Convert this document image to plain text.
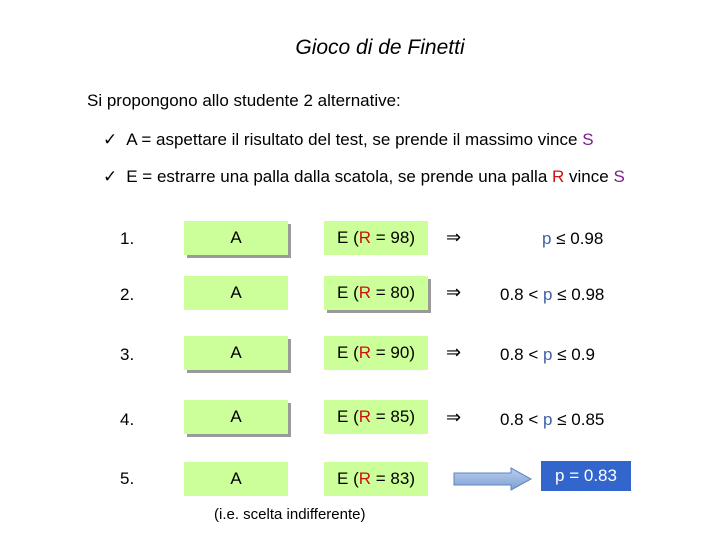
Gioco di de Finetti
Si propongono allo studente 2 alternative:
✓ A = aspettare il risultato del test, se prende il massimo vince S
✓ E = estrarre una palla dalla scatola, se prende una palla R vince S
1.	A	E (R = 98)	⇒	p ≤ 0.98
2.	A	E (R = 80)	⇒ 0.8 < p ≤ 0.98
3.	A	E (R = 90)	⇒ 0.8 < p ≤ 0.9
4.	A	E (R = 85)	⇒ 0.8 < p ≤ 0.85
5.	A	E (R = 83)	p = 0.83
(i.e. scelta indifferente)
